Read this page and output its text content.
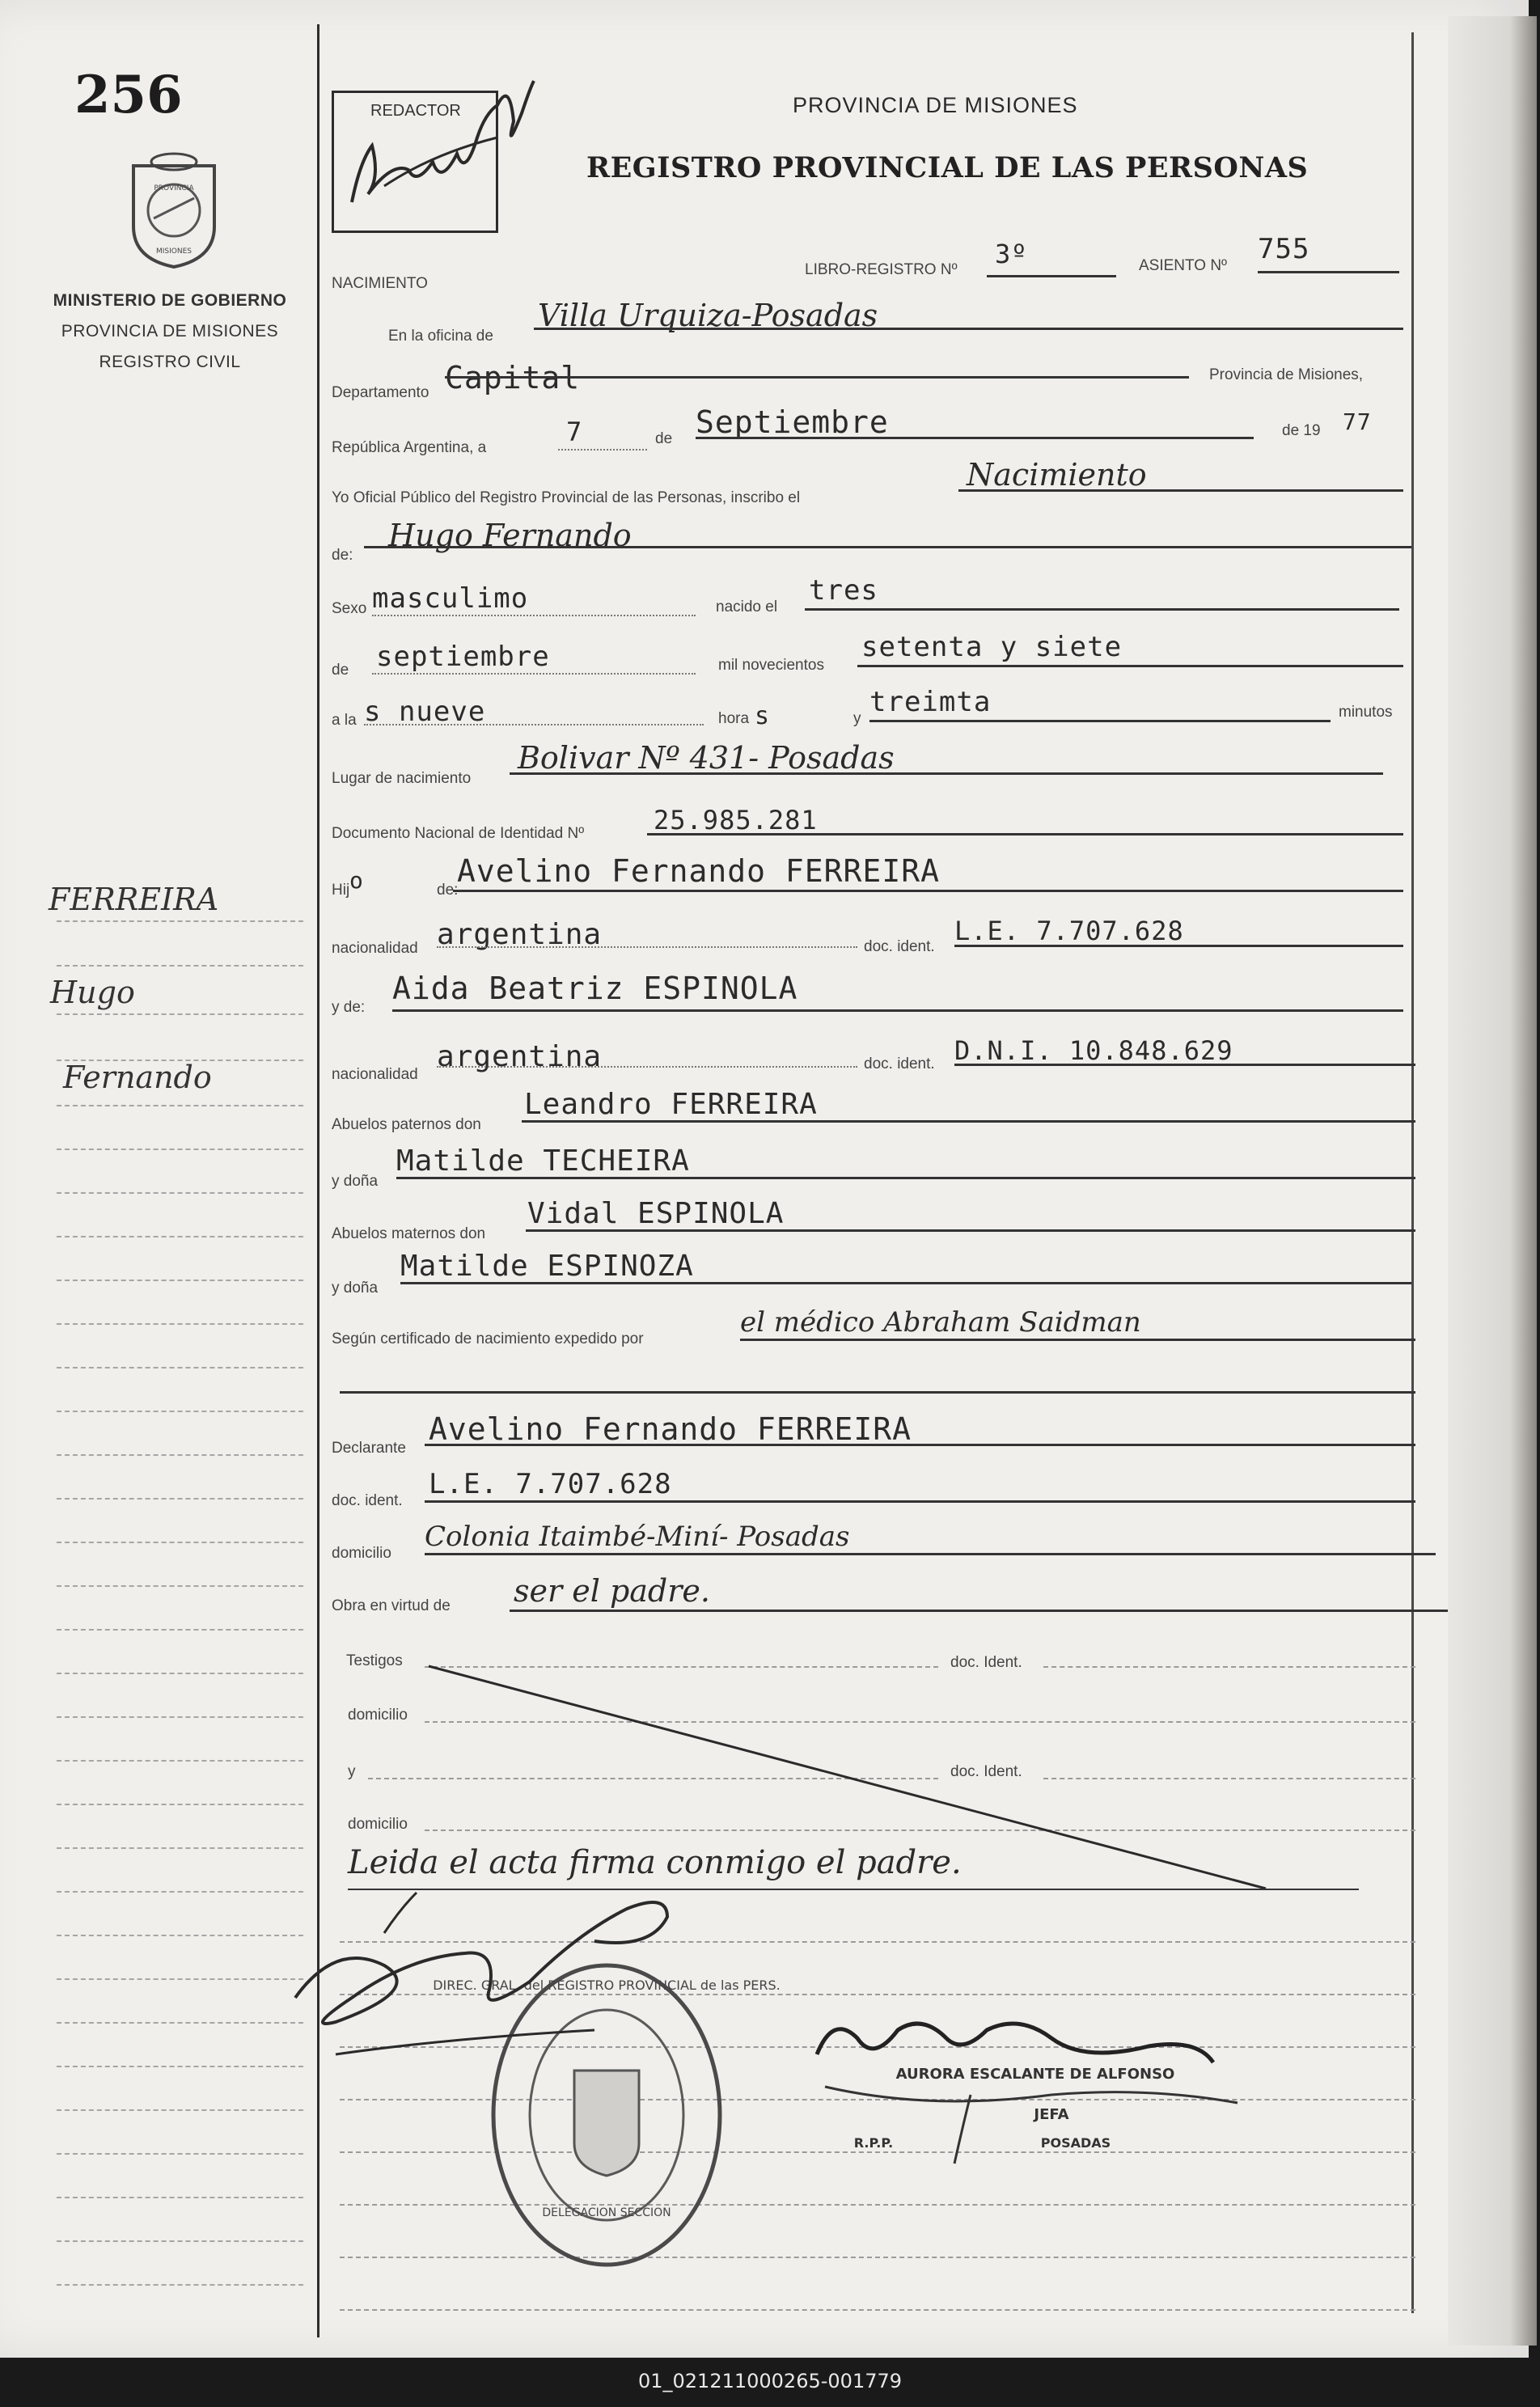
256
PROVINCIA
MISIONES
MINISTERIO DE GOBIERNO
PROVINCIA DE MISIONES
REGISTRO CIVIL
FERREIRA
Hugo
Fernando
REDACTOR	PROVINCIA DE MISIONES
REGISTRO PROVINCIAL DE LAS PERSONAS
NACIMIENTO
LIBRO-REGISTRO Nº
3º	ASIENTO Nº
755
En la oficina de
Villa Urquiza-Posadas
Departamento Capital	Provincia de Misiones,
República Argentina, a
7	de Septiembre	de 19 77
Yo Oficial Público del Registro Provincial de las Personas, inscribo el
Nacimiento
de:
Hugo Fernando
Sexo masculimo	nacido el
tres
de septiembre	mil novecientos
setenta y siete
a la s nueve	hora s	y
treimta	minutos
Lugar de nacimiento
Bolivar Nº 431- Posadas
Documento Nacional de Identidad Nº	25.985.281
Hij o	de:
Avelino Fernando FERREIRA
nacionalidad argentina	doc. ident.
L.E. 7.707.628
y de:
Aida Beatriz ESPINOLA
nacionalidad
argentina	doc. ident. D.N.I. 10.848.629
Abuelos paternos don
Leandro FERREIRA
y doña
Matilde TECHEIRA
Abuelos maternos don
Vidal ESPINOLA
y doña
Matilde ESPINOZA
Según certificado de nacimiento expedido por
el médico Abraham Saidman
Declarante
Avelino Fernando FERREIRA
doc. ident.
L.E. 7.707.628
domicilio
Colonia Itaimbé-Miní- Posadas
Obra en virtud de ser el padre.
Testigos	doc. Ident.
domicilio
y	doc. Ident.
domicilio
Leida el acta firma conmigo el padre.
DIREC. GRAL. del REGISTRO PROVINCIAL de las PERS.
DELEGACION SECCION
AURORA ESCALANTE DE ALFONSO
JEFA
R.P.P.	POSADAS
01_021211000265-001779
